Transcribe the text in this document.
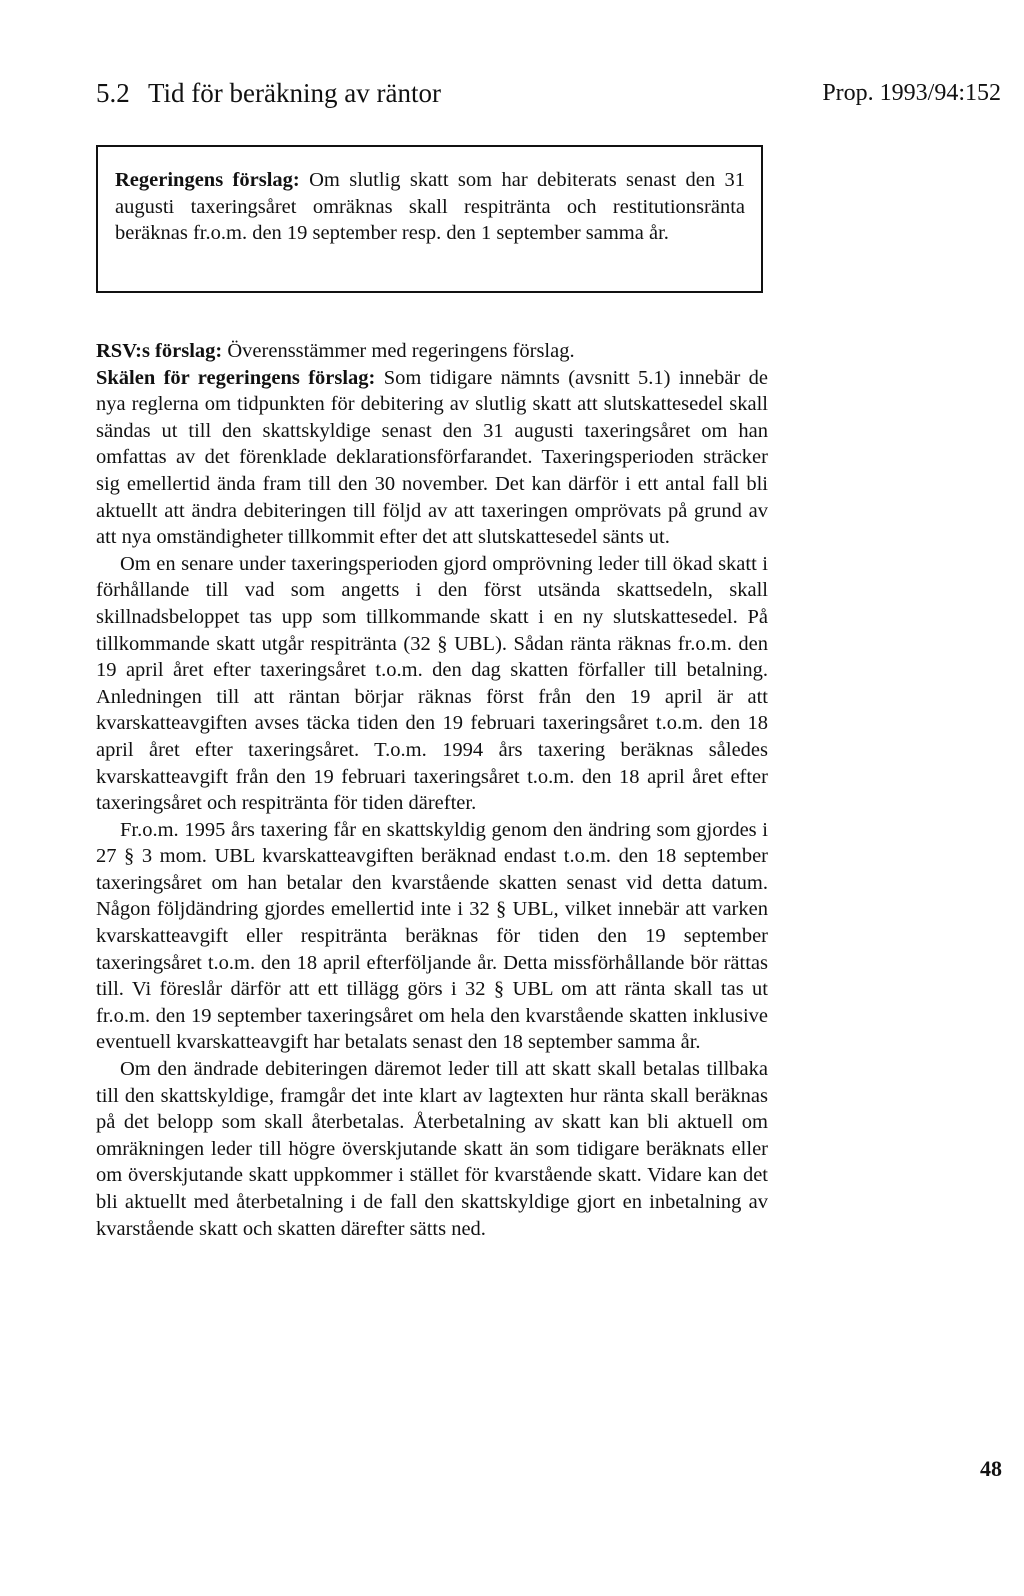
5.2 Tid för beräkning av räntor	Prop. 1993/94:152
Regeringens förslag: Om slutlig skatt som har debiterats senast den 31 augusti taxeringsåret omräknas skall respitränta och restitutionsränta beräknas fr.o.m. den 19 september resp. den 1 september samma år.

RSV:s förslag: Överensstämmer med regeringens förslag.

Skälen för regeringens förslag: Som tidigare nämnts (avsnitt 5.1) innebär de nya reglerna om tidpunkten för debitering av slutlig skatt att slutskattesedel skall sändas ut till den skattskyldige senast den 31 augusti taxeringsåret om han omfattas av det förenklade deklarationsförfarandet. Taxeringsperioden sträcker sig emellertid ända fram till den 30 november. Det kan därför i ett antal fall bli aktuellt att ändra debiteringen till följd av att taxeringen omprövats på grund av att nya omständigheter tillkommit efter det att slutskattesedel sänts ut.

Om en senare under taxeringsperioden gjord omprövning leder till ökad skatt i förhållande till vad som angetts i den först utsända skattsedeln, skall skillnadsbeloppet tas upp som tillkommande skatt i en ny slutskattesedel. På tillkommande skatt utgår respitränta (32 § UBL). Sådan ränta räknas fr.o.m. den 19 april året efter taxeringsåret t.o.m. den dag skatten förfaller till betalning. Anledningen till att räntan börjar räknas först från den 19 april är att kvarskatteavgiften avses täcka tiden den 19 februari taxeringsåret t.o.m. den 18 april året efter taxeringsåret. T.o.m. 1994 års taxering beräknas således kvarskatteavgift från den 19 februari taxeringsåret t.o.m. den 18 april året efter taxeringsåret och respitränta för tiden därefter.

Fr.o.m. 1995 års taxering får en skattskyldig genom den ändring som gjordes i 27 § 3 mom. UBL kvarskatteavgiften beräknad endast t.o.m. den 18 september taxeringsåret om han betalar den kvarstående skatten senast vid detta datum. Någon följdändring gjordes emellertid inte i 32 § UBL, vilket innebär att varken kvarskatteavgift eller respitränta beräknas för tiden den 19 september taxeringsåret t.o.m. den 18 april efterföljande år. Detta missförhållande bör rättas till. Vi föreslår därför att ett tillägg görs i 32 § UBL om att ränta skall tas ut fr.o.m. den 19 september taxeringsåret om hela den kvarstående skatten inklusive eventuell kvarskatteavgift har betalats senast den 18 september samma år.

Om den ändrade debiteringen däremot leder till att skatt skall betalas tillbaka till den skattskyldige, framgår det inte klart av lagtexten hur ränta skall beräknas på det belopp som skall återbetalas. Återbetalning av skatt kan bli aktuell om omräkningen leder till högre överskjutande skatt än som tidigare beräknats eller om överskjutande skatt uppkommer i stället för kvarstående skatt. Vidare kan det bli aktuellt med återbetalning i de fall den skattskyldige gjort en inbetalning av kvarstående skatt och skatten därefter sätts ned.

48
